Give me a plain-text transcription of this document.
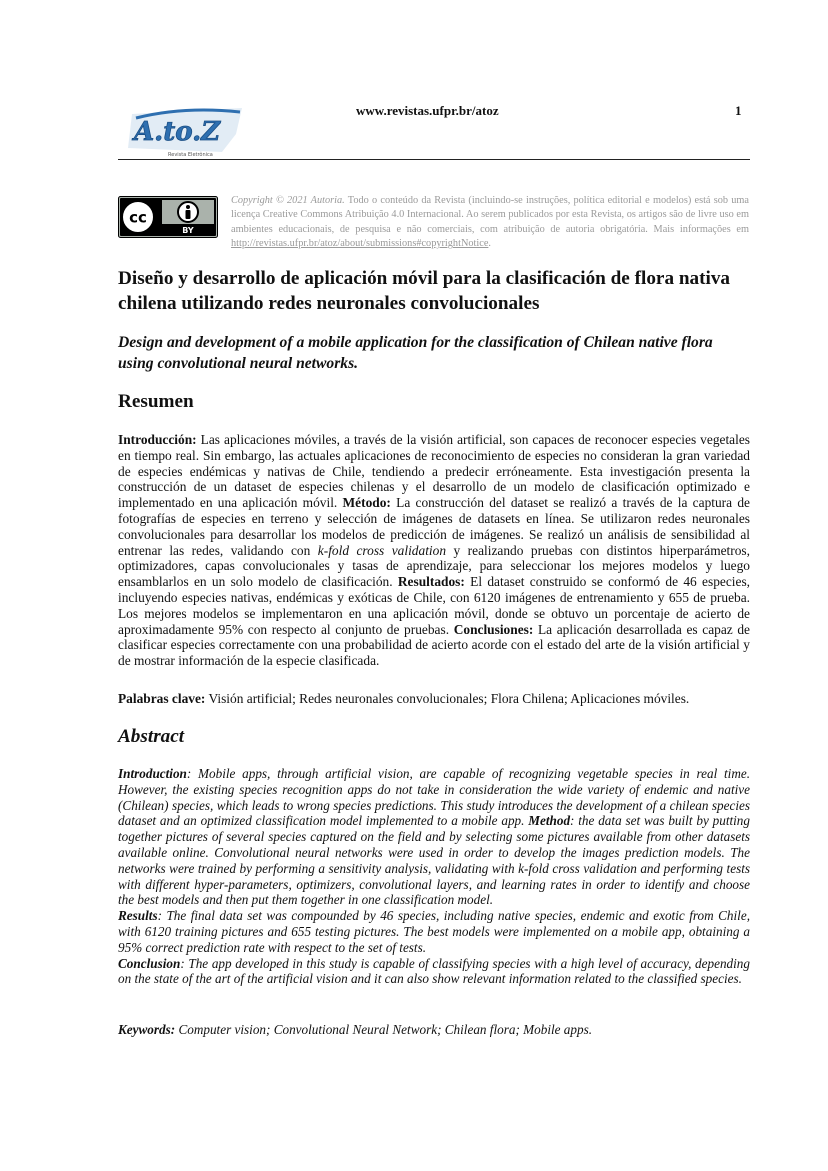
A.to.Z
Revista Eletrônica
www.revistas.ufpr.br/atoz	1
cc
BY
Copyright © 2021 Autoria. Todo o conteúdo da Revista (incluindo-se instruções, política editorial e modelos) está sob uma licença Creative Commons Atribuição 4.0 Internacional. Ao serem publicados por esta Revista, os artigos são de livre uso em ambientes educacionais, de pesquisa e não comerciais, com atribuição de autoria obrigatória. Mais informações em http://revistas.ufpr.br/atoz/about/submissions#copyrightNotice.
Diseño y desarrollo de aplicación móvil para la clasificación de flora nativa chilena utilizando redes neuronales convolucionales
Design and development of a mobile application for the classification of Chilean native flora using convolutional neural networks.
Resumen
Introducción: Las aplicaciones móviles, a través de la visión artificial, son capaces de reconocer especies vegetales en tiempo real. Sin embargo, las actuales aplicaciones de reconocimiento de especies no consideran la gran variedad de especies endémicas y nativas de Chile, tendiendo a predecir erróneamente. Esta investigación presenta la construcción de un dataset de especies chilenas y el desarrollo de un modelo de clasificación optimizado e implementado en una aplicación móvil. Método: La construcción del dataset se realizó a través de la captura de fotografías de especies en terreno y selección de imágenes de datasets en línea. Se utilizaron redes neuronales convolucionales para desarrollar los modelos de predicción de imágenes. Se realizó un análisis de sensibilidad al entrenar las redes, validando con k-fold cross validation y realizando pruebas con distintos hiperparámetros, optimizadores, capas convolucionales y tasas de aprendizaje, para seleccionar los mejores modelos y luego ensamblarlos en un solo modelo de clasificación. Resultados: El dataset construido se conformó de 46 especies, incluyendo especies nativas, endémicas y exóticas de Chile, con 6120 imágenes de entrenamiento y 655 de prueba. Los mejores modelos se implementaron en una aplicación móvil, donde se obtuvo un porcentaje de acierto de aproximadamente 95% con respecto al conjunto de pruebas. Conclusiones: La aplicación desarrollada es capaz de clasificar especies correctamente con una probabilidad de acierto acorde con el estado del arte de la visión artificial y de mostrar información de la especie clasificada.
Palabras clave: Visión artificial; Redes neuronales convolucionales; Flora Chilena; Aplicaciones móviles.
Abstract

Introduction: Mobile apps, through artificial vision, are capable of recognizing vegetable species in real time. However, the existing species recognition apps do not take in consideration the wide variety of endemic and native (Chilean) species, which leads to wrong species predictions. This study introduces the development of a chilean species dataset and an optimized classification model implemented to a mobile app. Method: the data set was built by putting together pictures of several species captured on the field and by selecting some pictures available from other datasets available online. Convolutional neural networks were used in order to develop the images prediction models. The networks were trained by performing a sensitivity analysis, validating with k-fold cross validation and performing tests with different hyper-parameters, optimizers, convolutional layers, and learning rates in order to identify and choose the best models and then put them together in one classification model.

Results: The final data set was compounded by 46 species, including native species, endemic and exotic from Chile, with 6120 training pictures and 655 testing pictures. The best models were implemented on a mobile app, obtaining a 95% correct prediction rate with respect to the set of tests.

Conclusion: The app developed in this study is capable of classifying species with a high level of accuracy, depending on the state of the art of the artificial vision and it can also show relevant information related to the classified species.

Keywords: Computer vision; Convolutional Neural Network; Chilean flora; Mobile apps.
